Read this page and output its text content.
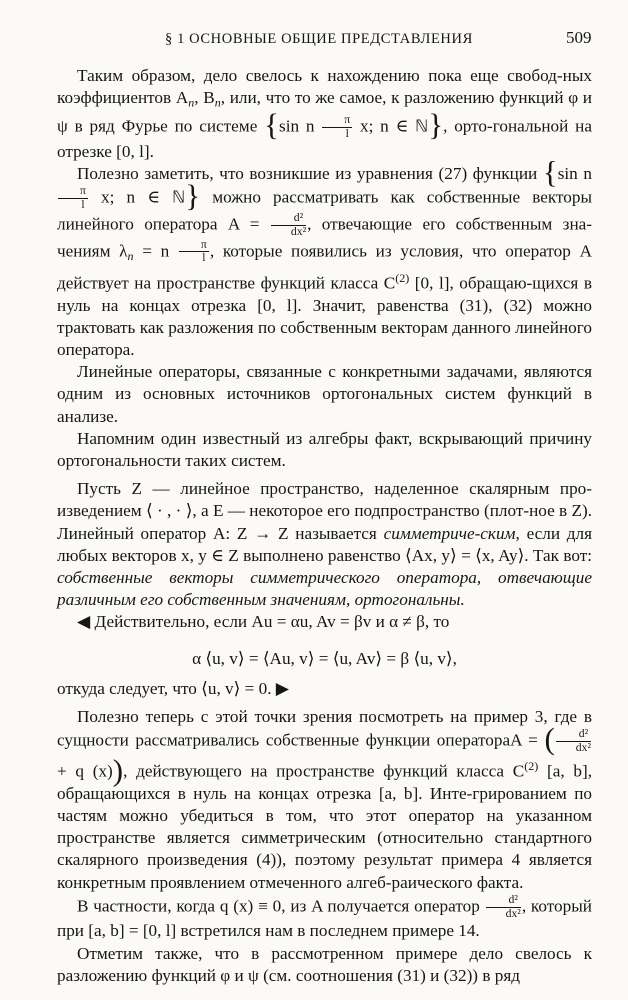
§ 1 ОСНОВНЫЕ ОБЩИЕ ПРЕДСТАВЛЕНИЯ	509

Таким образом, дело свелось к нахождению пока еще свобод-ных коэффициентов $A_n$, $B_n$, или, что то же самое, к разложению функций φ и ψ в ряд Фурье по системе {sin n $\frac{\pi}{l} x$; n ∈ ℕ}, орто-гональной на отрезке [0, l].

Полезно заметить, что возникшие из уравнения (27) функции {sin n
$\frac{\pi}{l} x$; n ∈ ℕ} можно рассматривать как собственные векторы линейного оператора $A = \frac{\text{d²}}{\text{dx²}}$ , отвечающие его собственным зна-чениям $\lambda_n = n \frac{\pi}{l}$ , которые появились из условия, что оператор A действует на пространстве функций класса $C^{(2)}$ [0, l], обращаю-щихся в нуль на концах отрезка [0, l]. Значит, равенства (31), (32) можно трактовать как разложения по собственным векторам данного линейного оператора.

Линейные операторы, связанные с конкретными задачами, являются одним из основных источников ортогональных систем функций в анализе.

Напомним один известный из алгебры факт, вскрывающий причину ортогональности таких систем.

Пусть Z — линейное пространство, наделенное скалярным про-изведением ⟨ · , · ⟩, а E — некоторое его подпространство (плот-ное в Z). Линейный оператор A: Z → Z называется симметриче-ским, если для любых векторов x, y ∈ Z выполнено равенство ⟨Ax, y⟩ = ⟨x, Ay⟩. Так вот: собственные векторы симметрического оператора, отвечающие различным его собственным значениям, ортогональны.

◀ Действительно, если Au = αu, Av = βv и α ≠ β, то

α ⟨u, v⟩ = ⟨Au, v⟩ = ⟨u, Av⟩ = β ⟨u, v⟩,

откуда следует, что ⟨u, v⟩ = 0. ▶

Полезно теперь с этой точки зрения посмотреть на пример 3, где в сущности рассматривались собственные функции оператораA = ( $\frac{\text{d²}}{\text{dx²}}$
+ q (x)), действующего на пространстве функций класса $C^{(2)}$ [a, b], обращающихся в нуль на концах отрезка [a, b]. Инте-грированием по частям можно убедиться в том, что этот оператор на указанном пространстве является симметрическим (относительно стандартного скалярного произведения (4)), поэтому результат примера 4 является конкретным проявлением отмеченного алгеб-раического факта.

В частности, когда q (x) ≡ 0, из A получается оператор $\frac{\text{d²}}{\text{dx²}}$ , который при [a, b] = [0, l] встретился нам в последнем примере 14.

Отметим также, что в рассмотренном примере дело свелось к разложению функций φ и ψ (см. соотношения (31) и (32)) в ряд
